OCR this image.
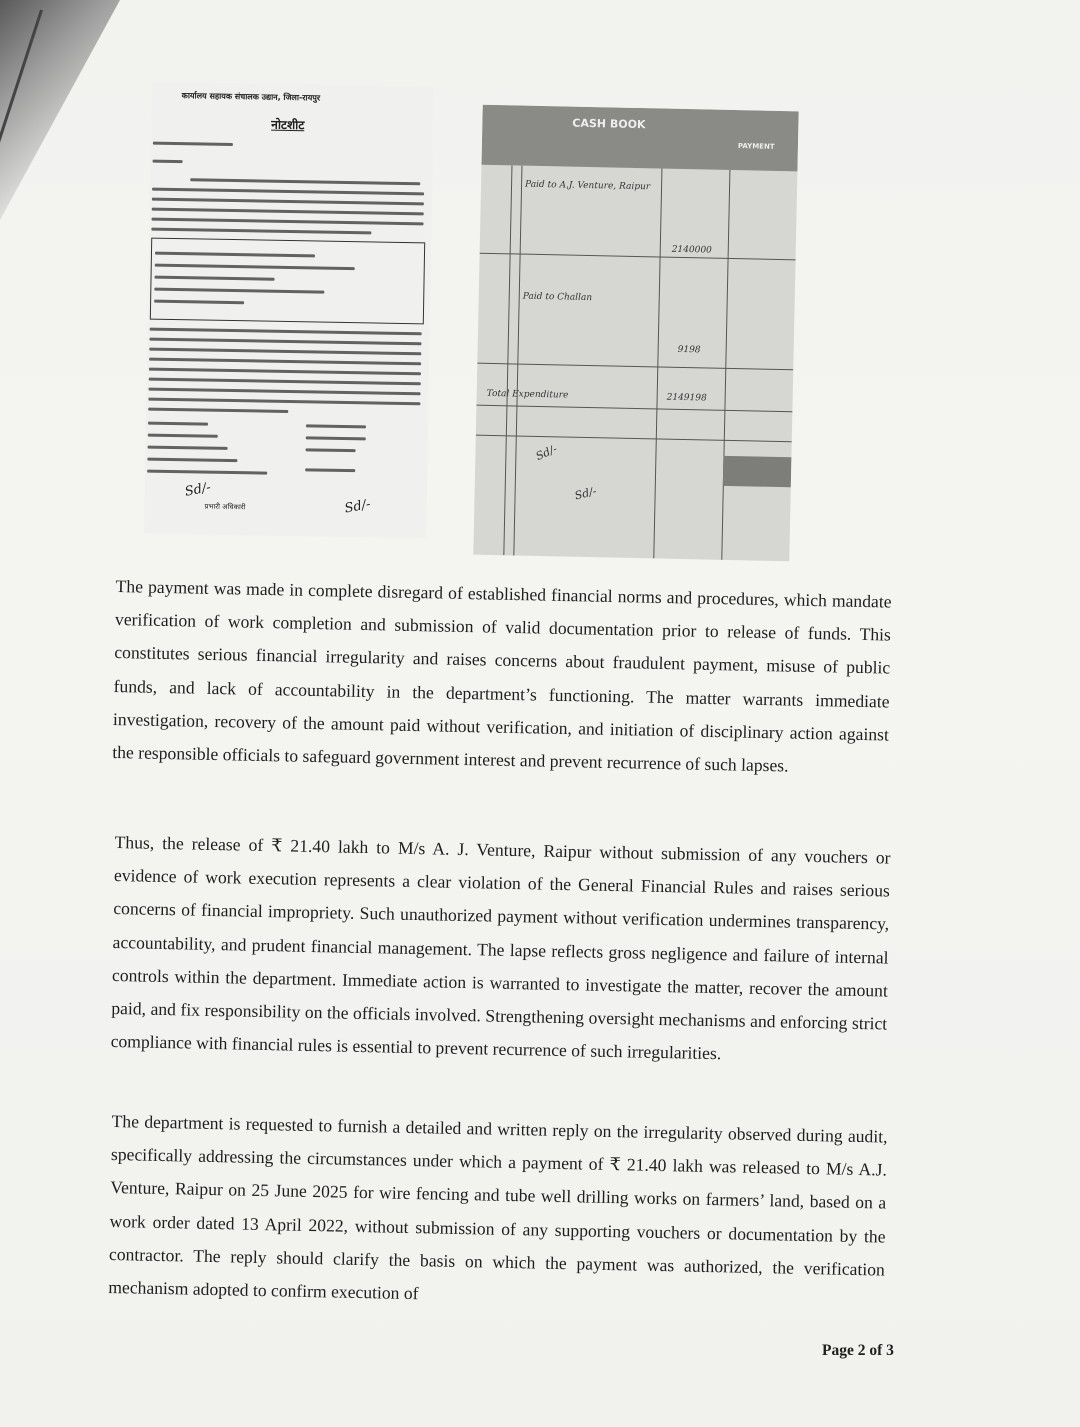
कार्यालय सहायक संचालक उद्यान, जिला-रायपुर
नोटशीट
Sd/-
Sd/-
प्रभारी अधिकारी
CASH BOOK
PAYMENT
Paid to A.J. Venture, Raipur
2140000
Paid to Challan
9198
Total Expenditure	2149198
Sd/-
Sd/-

The payment was made in complete disregard of established financial norms and procedures, which mandate verification of work completion and submission of valid documentation prior to release of funds. This constitutes serious financial irregularity and raises concerns about fraudulent payment, misuse of public funds, and lack of accountability in the department’s functioning. The matter warrants immediate investigation, recovery of the amount paid without verification, and initiation of disciplinary action against the responsible officials to safeguard government interest and prevent recurrence of such lapses.

Thus, the release of ₹ 21.40 lakh to M/s A. J. Venture, Raipur without submission of any vouchers or evidence of work execution represents a clear violation of the General Financial Rules and raises serious concerns of financial impropriety. Such unauthorized payment without verification undermines transparency, accountability, and prudent financial management. The lapse reflects gross negligence and failure of internal controls within the department. Immediate action is warranted to investigate the matter, recover the amount paid, and fix responsibility on the officials involved. Strengthening oversight mechanisms and enforcing strict compliance with financial rules is essential to prevent recurrence of such irregularities.

The department is requested to furnish a detailed and written reply on the irregularity observed during audit, specifically addressing the circumstances under which a payment of ₹ 21.40 lakh was released to M/s A.J. Venture, Raipur on 25 June 2025 for wire fencing and tube well drilling works on farmers’ land, based on a work order dated 13 April 2022, without submission of any supporting vouchers or documentation by the contractor. The reply should clarify the basis on which the payment was authorized, the verification mechanism adopted to confirm execution of

Page 2 of 3
